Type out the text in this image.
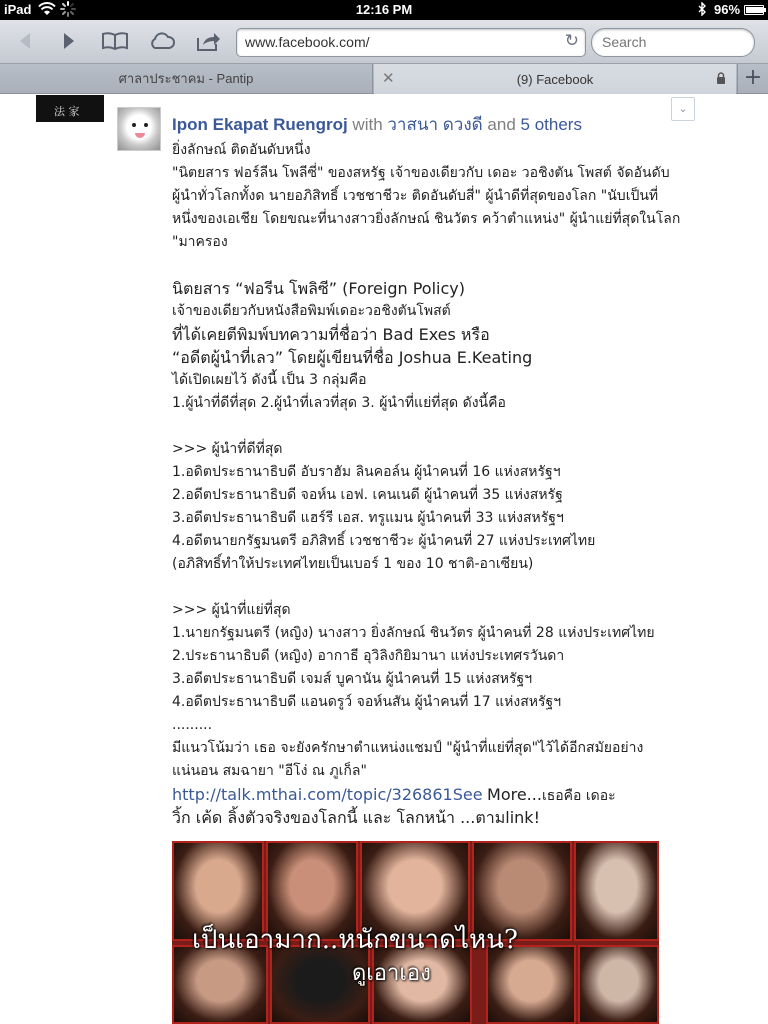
iPad	12:16 PM	96%
www.facebook.com/	↻
Search
ศาลาประชาคม - Pantip	✕	(9) Facebook	+
法 家	⌄
Ipon Ekapat Ruengroj with วาสนา ดวงดี and 5 others
ยิ่งลักษณ์ ติดอันดับหนึ่ง
"นิตยสาร ฟอร์ลีน โพลีซี่" ของสหรัฐ เจ้าของเดียวกับ เดอะ วอชิงตัน โพสต์ จัดอันดับ
ผู้นำทั่วโลกทั้งด นายอภิสิทธิ์ เวชชาชีวะ ติดอันดับสี่" ผู้นำดีที่สุดของโลก "นับเป็นที่
หนึ่งของเอเชีย โดยขณะที่นางสาวยิ่งลักษณ์ ชินวัตร คว้าตำแหน่ง" ผู้นำแย่ที่สุดในโลก
"มาครอง
นิตยสาร “ฟอรีน โพลิซี” (Foreign Policy)
เจ้าของเดียวกับหนังสือพิมพ์เดอะวอชิงตันโพสต์
ที่ได้เคยตีพิมพ์บทความที่ชื่อว่า Bad Exes หรือ
“อดีตผู้นำที่เลว” โดยผู้เขียนที่ชื่อ Joshua E.Keating
ได้เปิดเผยไว้ ดังนี้ เป็น 3 กลุ่มคือ
1.ผู้นำที่ดีที่สุด 2.ผู้นำที่เลวที่สุด 3. ผู้นำที่แย่ที่สุด ดังนี้คือ
>>> ผู้นำที่ดีที่สุด
1.อดิตประธานาธิบดี อับราฮัม ลินคอล์น ผู้นำคนที่ 16 แห่งสหรัฐฯ
2.อดีตประธานาธิบดี จอห์น เอฟ. เคนเนดี ผู้นำคนที่ 35 แห่งสหรัฐ
3.อดีตประธานาธิบดี แฮร์รี เอส. ทรูแมน ผู้นำคนที่ 33 แห่งสหรัฐฯ
4.อดีตนายกรัฐมนตรี อภิสิทธิ์ เวชชาชีวะ ผู้นำคนที่ 27 แห่งประเทศไทย
(อภิสิทธิ์ทำให้ประเทศไทยเป็นเบอร์ 1 ของ 10 ชาติ-อาเซียน)
>>> ผู้นำที่แย่ที่สุด
1.นายกรัฐมนตรี (หญิง) นางสาว ยิ่งลักษณ์ ชินวัตร ผู้นำคนที่ 28 แห่งประเทศไทย
2.ประธานาธิบดี (หญิง) อากาธี อุวิลิงกิยิมานา แห่งประเทศรวันดา
3.อดีตประธานาธิบดี เจมส์ บูคานัน ผู้นำคนที่ 15 แห่งสหรัฐฯ
4.อดีตประธานาธิบดี แอนดรูว์ จอห์นสัน ผู้นำคนที่ 17 แห่งสหรัฐฯ
.........
มีแนวโน้มว่า เธอ จะยังครักษาตำแหน่งแชมป์ "ผู้นำที่แย่ที่สุด"ไว้ได้อีกสมัยอย่าง
แน่นอน สมฉายา "อีโง่ ณ ภูเก็ล"
http://talk.mthai.com/topic/326861See More...เธอคือ เดอะ
วิ้ก เค้ด ลิ้งตัวจริงของโลกนี้ และ โลกหน้า ...ตามlink!
เป็นเอามาก..หนักขนาดไหน?
ดูเอาเอง
